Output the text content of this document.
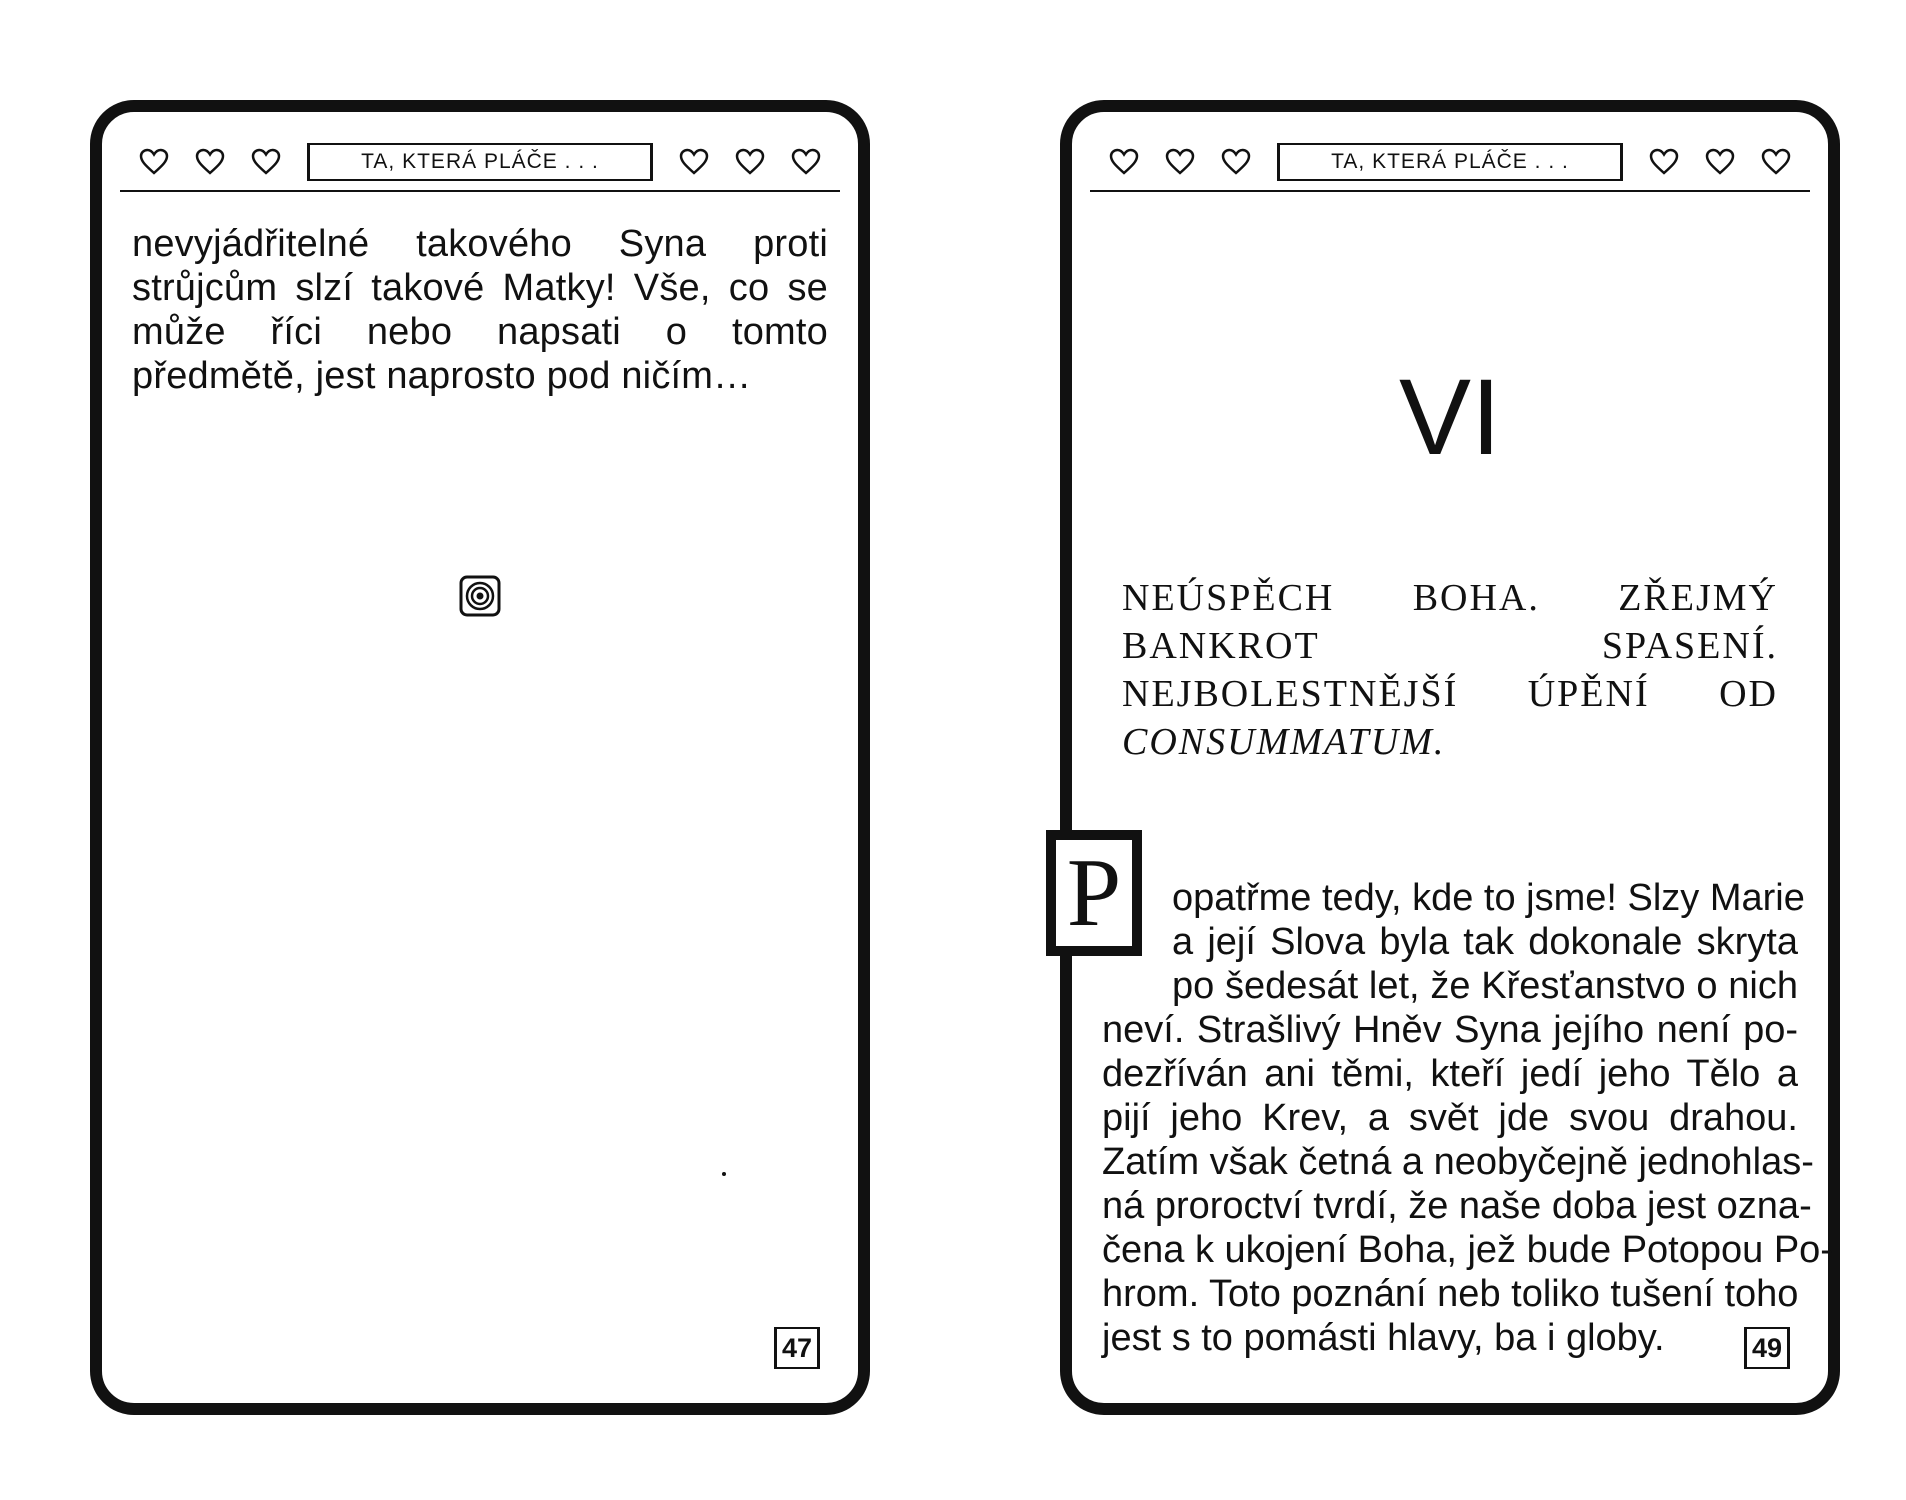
TA, KTERÁ PLÁČE . . .
nevyjádřitelné takového Syna proti strůjcům slzí takové Matky! Vše, co se může říci nebo napsati o tomto předmětě, jest naprosto pod ničím…
47
TA, KTERÁ PLÁČE . . .
VI
NEÚSPĚCH BOHA. ZŘEJMÝ BANKROT SPASENÍ. NEJBOLESTNĚJŠÍ ÚPĚNÍ OD CONSUMMATUM.
P	opatřme tedy, kde to jsme! Slzy Marie
a její Slova byla tak dokonale skryta
po šedesát let, že Křesťanstvo o nich
neví. Strašlivý Hněv Syna jejího není po-
dezříván ani těmi, kteří jedí jeho Tělo a
pijí jeho Krev, a svět jde svou drahou.
Zatím však četná a neobyčejně jednohlas-
ná proroctví tvrdí, že naše doba jest ozna-
čena k ukojení Boha, jež bude Potopou Po-
hrom. Toto poznání neb toliko tušení toho
jest s to pomásti hlavy, ba i globy.	49
